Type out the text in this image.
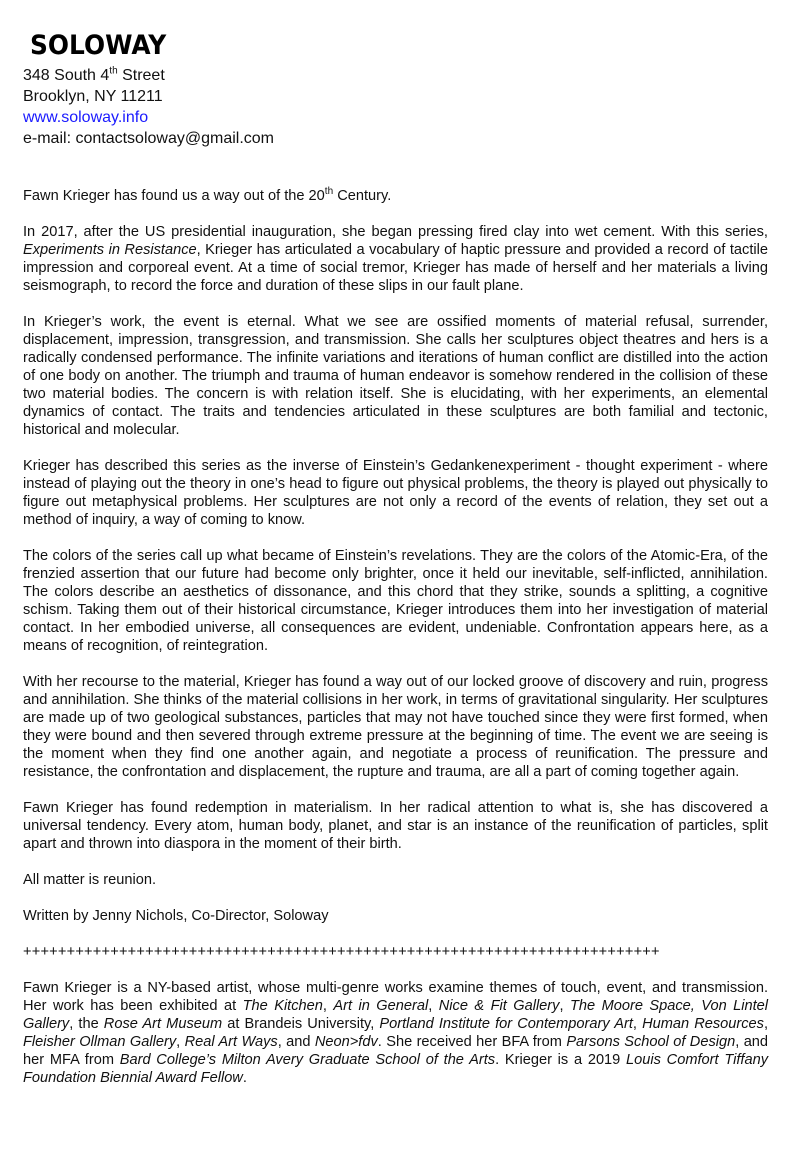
SOLOWAY
348 South 4th Street
Brooklyn, NY 11211
www.soloway.info
e-mail: contactsoloway@gmail.com

Fawn Krieger has found us a way out of the 20th Century.

In 2017, after the US presidential inauguration, she began pressing fired clay into wet cement. With this series, Experiments in Resistance, Krieger has articulated a vocabulary of haptic pressure and provided a record of tactile impression and corporeal event. At a time of social tremor, Krieger has made of herself and her materials a living seismograph, to record the force and duration of these slips in our fault plane.

In Krieger’s work, the event is eternal. What we see are ossified moments of material refusal, surrender, displacement, impression, transgression, and transmission. She calls her sculptures object theatres and hers is a radically condensed performance. The infinite variations and iterations of human conflict are distilled into the action of one body on another. The triumph and trauma of human endeavor is somehow rendered in the collision of these two material bodies. The concern is with relation itself. She is elucidating, with her experiments, an elemental dynamics of contact. The traits and tendencies articulated in these sculptures are both familial and tectonic, historical and molecular.

Krieger has described this series as the inverse of Einstein’s Gedankenexperiment - thought experiment - where instead of playing out the theory in one’s head to figure out physical problems, the theory is played out physically to figure out metaphysical problems. Her sculptures are not only a record of the events of relation, they set out a method of inquiry, a way of coming to know.

The colors of the series call up what became of Einstein’s revelations. They are the colors of the Atomic-Era, of the frenzied assertion that our future had become only brighter, once it held our inevitable, self-inflicted, annihilation. The colors describe an aesthetics of dissonance, and this chord that they strike, sounds a splitting, a cognitive schism. Taking them out of their historical circumstance, Krieger introduces them into her investigation of material contact. In her embodied universe, all consequences are evident, undeniable. Confrontation appears here, as a means of recognition, of reintegration.

With her recourse to the material, Krieger has found a way out of our locked groove of discovery and ruin, progress and annihilation. She thinks of the material collisions in her work, in terms of gravitational singularity. Her sculptures are made up of two geological substances, particles that may not have touched since they were first formed, when they were bound and then severed through extreme pressure at the beginning of time. The event we are seeing is the moment when they find one another again, and negotiate a process of reunification. The pressure and resistance, the confrontation and displacement, the rupture and trauma, are all a part of coming together again.

Fawn Krieger has found redemption in materialism. In her radical attention to what is, she has discovered a universal tendency. Every atom, human body, planet, and star is an instance of the reunification of particles, split apart and thrown into diaspora in the moment of their birth.

All matter is reunion.

Written by Jenny Nichols, Co-Director, Soloway

+++++++++++++++++++++++++++++++++++++++++++++++++++++++++++++++++++++++++

Fawn Krieger is a NY-based artist, whose multi-genre works examine themes of touch, event, and transmission. Her work has been exhibited at The Kitchen, Art in General, Nice & Fit Gallery, The Moore Space, Von Lintel Gallery, the Rose Art Museum at Brandeis University, Portland Institute for Contemporary Art, Human Resources, Fleisher Ollman Gallery, Real Art Ways, and Neon>fdv. She received her BFA from Parsons School of Design, and her MFA from Bard College’s Milton Avery Graduate School of the Arts. Krieger is a 2019 Louis Comfort Tiffany Foundation Biennial Award Fellow.
